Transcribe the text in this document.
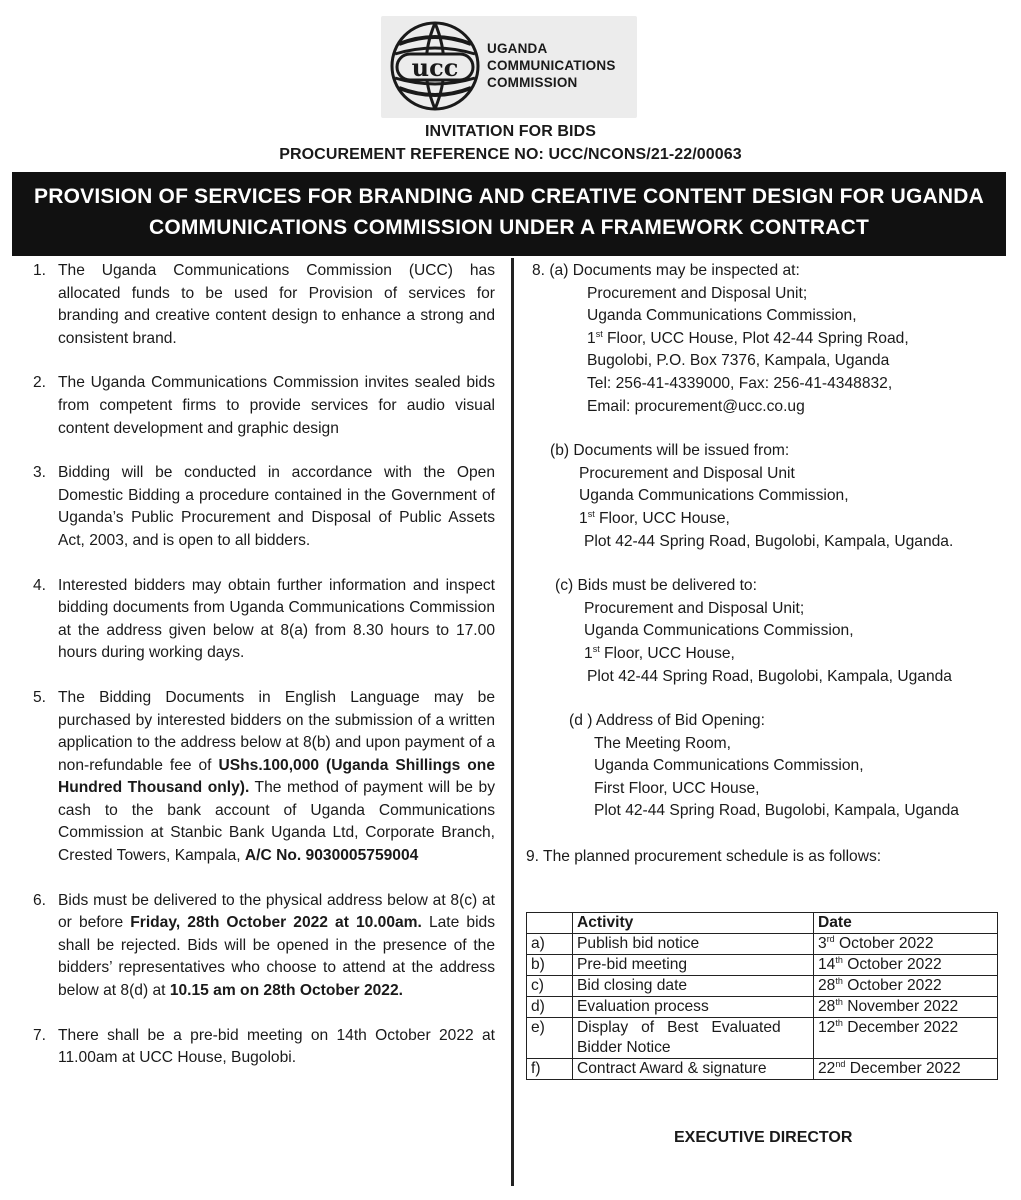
ucc
UGANDA
COMMUNICATIONS
COMMISSION
INVITATION FOR BIDS
PROCUREMENT REFERENCE NO: UCC/NCONS/21-22/00063
PROVISION OF SERVICES FOR BRANDING AND CREATIVE CONTENT DESIGN FOR UGANDA
COMMUNICATIONS COMMISSION UNDER A FRAMEWORK CONTRACT
1. The Uganda Communications Commission (UCC) has allocated funds to be used for Provision of services for branding and creative content design to enhance a strong and consistent brand.

2. The Uganda Communications Commission invites sealed bids from competent firms to provide services for audio visual content development and graphic design

3. Bidding will be conducted in accordance with the Open Domestic Bidding a procedure contained in the Government of Uganda’s Public Procurement and Disposal of Public Assets Act, 2003, and is open to all bidders.

4. Interested bidders may obtain further information and inspect bidding documents from Uganda Communications Commission at the address given below at 8(a) from 8.30 hours to 17.00 hours during working days.

5. The Bidding Documents in English Language may be purchased by interested bidders on the submission of a written application to the address below at 8(b) and upon payment of a non-refundable fee of UShs.100,000 (Uganda Shillings one Hundred Thousand only). The method of payment will be by cash to the bank account of Uganda Communications Commission at Stanbic Bank Uganda Ltd, Corporate Branch, Crested Towers, Kampala, A/C No. 9030005759004

6. Bids must be delivered to the physical address below at 8(c) at or before Friday, 28th October 2022 at 10.00am. Late bids shall be rejected. Bids will be opened in the presence of the bidders’ representatives who choose to attend at the address below at 8(d) at 10.15 am on 28th October 2022.

7. There shall be a pre-bid meeting on 14th October 2022 at 11.00am at UCC House, Bugolobi.

8. (a) Documents may be inspected at:
Procurement and Disposal Unit;
Uganda Communications Commission,
1st Floor, UCC House, Plot 42-44 Spring Road,
Bugolobi, P.O. Box 7376, Kampala, Uganda
Tel: 256-41-4339000, Fax: 256-41-4348832,
Email: procurement@ucc.co.ug
(b) Documents will be issued from:
Procurement and Disposal Unit
Uganda Communications Commission,
1st Floor, UCC House,
Plot 42-44 Spring Road, Bugolobi, Kampala, Uganda.
(c) Bids must be delivered to:
Procurement and Disposal Unit;
Uganda Communications Commission,
1st Floor, UCC House,
Plot 42-44 Spring Road, Bugolobi, Kampala, Uganda
(d ) Address of Bid Opening:
The Meeting Room,
Uganda Communications Commission,
First Floor, UCC House,
Plot 42-44 Spring Road, Bugolobi, Kampala, Uganda
9. The planned procurement schedule is as follows:
	Activity	Date
a)	Publish bid notice	3rd October 2022
b)	Pre-bid meeting	14th October 2022
c)	Bid closing date	28th October 2022
d)	Evaluation process	28th November 2022
e)	Display   of   Best   Evaluated
Bidder Notice	12th December 2022
f)	Contract Award & signature	22nd December 2022
EXECUTIVE DIRECTOR
